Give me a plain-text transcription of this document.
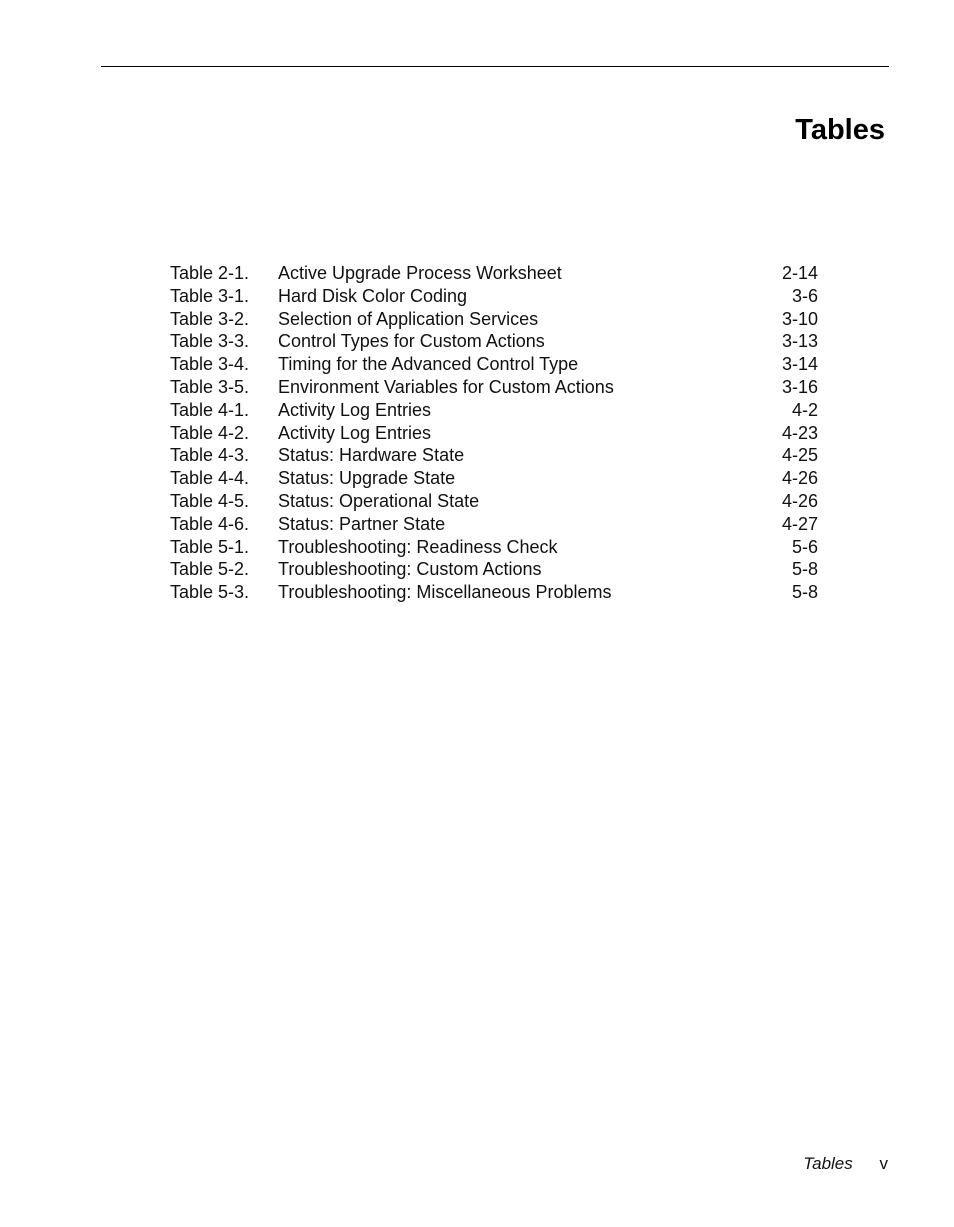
Tables
Table 2-1. Active Upgrade Process Worksheet	2-14
Table 3-1. Hard Disk Color Coding	3-6
Table 3-2. Selection of Application Services	3-10
Table 3-3. Control Types for Custom Actions	3-13
Table 3-4. Timing for the Advanced Control Type	3-14
Table 3-5. Environment Variables for Custom Actions	3-16
Table 4-1. Activity Log Entries	4-2
Table 4-2. Activity Log Entries	4-23
Table 4-3. Status: Hardware State	4-25
Table 4-4. Status: Upgrade State	4-26
Table 4-5. Status: Operational State	4-26
Table 4-6. Status: Partner State	4-27
Table 5-1. Troubleshooting: Readiness Check	5-6
Table 5-2. Troubleshooting: Custom Actions	5-8
Table 5-3. Troubleshooting: Miscellaneous Problems	5-8
Tables v
